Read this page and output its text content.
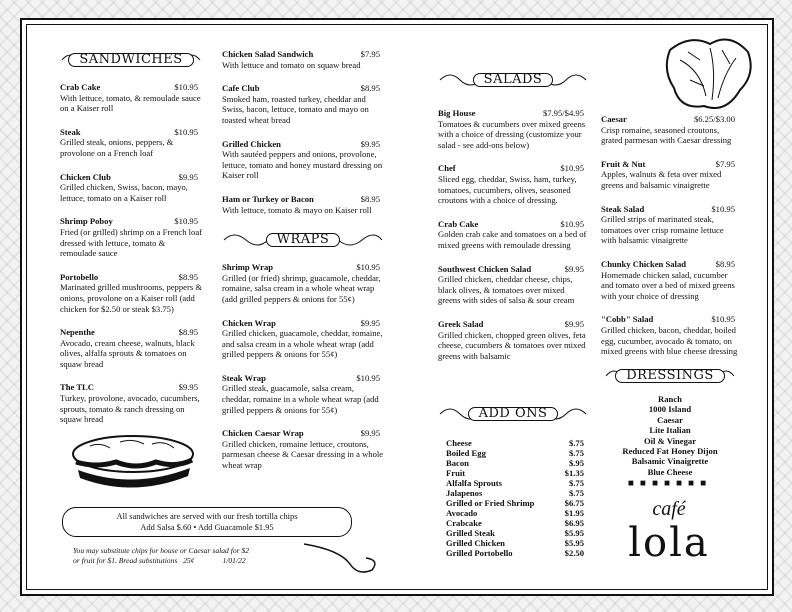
SANDWICHES
Crab Cake	$10.95
With lettuce, tomato, & remoulade sauce on a Kaiser roll
Steak	$10.95
Grilled steak, onions, peppers, & provolone on a French loaf
Chicken Club	$9.95
Grilled chicken, Swiss, bacon, mayo, lettuce, tomato on a Kaiser roll
Shrimp Poboy	$10.95
Fried (or grilled) shrimp on a French loaf dressed with lettuce, tomato & remoulade sauce
Portobello	$8.95
Marinated grilled mushrooms, peppers & onions, provolone on a Kaiser roll (add chicken for $2.50 or steak $3.75)
Nepenthe	$8.95
Avocado, cream cheese, walnuts, black olives, alfalfa sprouts & tomatoes on squaw bread
The TLC	$9.95
Turkey, provolone, avocado, cucumbers, sprouts, tomato & ranch dressing on squaw bread
Chicken Salad Sandwich	$7.95
With lettuce and tomato on squaw bread
Cafe Club	$8.95
Smoked ham, roasted turkey, cheddar and Swiss, bacon, lettuce, tomato and mayo on toasted wheat bread
Grilled Chicken	$9.95
With sautéed peppers and onions, provolone, lettuce, tomato and honey mustard dressing on Kaiser roll
Ham or Turkey or Bacon	$8.95
With lettuce, tomato & mayo on Kaiser roll
WRAPS
Shrimp Wrap	$10.95
Grilled (or fried) shrimp, guacamole, cheddar, romaine, salsa cream in a whole wheat wrap (add grilled peppers & onions for 55¢)
Chicken Wrap	$9.95
Grilled chicken, guacamole, cheddar, romaine, and salsa cream in a whole wheat wrap (add grilled peppers & onions for 55¢)
Steak Wrap	$10.95
Grilled steak, guacamole, salsa cream, cheddar, romaine in a whole wheat wrap (add grilled peppers & onions for 55¢)
Chicken Caesar Wrap	$9.95
Grilled chicken, romaine lettuce, croutons, parmesan cheese & Caesar dressing in a whole wheat wrap
All sandwiches are served with our fresh tortilla chips
Add Salsa $.60 • Add Guacamole $1.95
You may substitute chips for house or Caesar salad for $2
or fruit for $1. Bread substitutions 25¢	1/01/22
SALADS
Big House	$7.95/$4.95
Tomatoes & cucumbers over mixed greens with a choice of dressing (customize your salad - see add-ons below)
Chef	$10.95
Sliced egg, cheddar, Swiss, ham, turkey, tomatoes, cucumbers, olives, seasoned croutons with a choice of dressing.
Crab Cake	$10.95
Golden crab cake and tomatoes on a bed of mixed greens with remoulade dressing
Southwest Chicken Salad	$9.95
Grilled chicken, cheddar cheese, chips, black olives, & tomatoes over mixed greens with sides of salsa & sour cream
Greek Salad	$9.95
Grilled chicken, chopped green olives, feta cheese, cucumbers & tomatoes over mixed greens with balsamic
ADD ONS
Cheese	$.75
Boiled Egg	$.75
Bacon	$.95
Fruit	$1.35
Alfalfa Sprouts	$.75
Jalapenos	$.75
Grilled or Fried Shrimp	$6.75
Avocado	$1.95
Crabcake	$6.95
Grilled Steak	$5.95
Grilled Chicken	$5.95
Grilled Portobello	$2.50
Caesar	$6.25/$3.00
Crisp romaine, seasoned croutons, grated parmesan with Caesar dressing
Fruit & Nut	$7.95
Apples, walnuts & feta over mixed greens and balsamic vinaigrette
Steak Salad	$10.95
Grilled strips of marinated steak, tomatoes over crisp romaine lettuce with balsamic vinaigrette
Chunky Chicken Salad	$8.95
Homemade chicken salad, cucumber and tomato over a bed of mixed greens with your choice of dressing
"Cobb" Salad	$10.95
Grilled chicken, bacon, cheddar, boiled egg, cucumber, avocado & tomato, on mixed greens with blue cheese dressing
DRESSINGS
Ranch
1000 Island
Caesar
Lite Italian
Oil & Vinegar
Reduced Fat Honey Dijon
Balsamic Vinaigrette
Blue Cheese
■■■■■■■
café
lola
